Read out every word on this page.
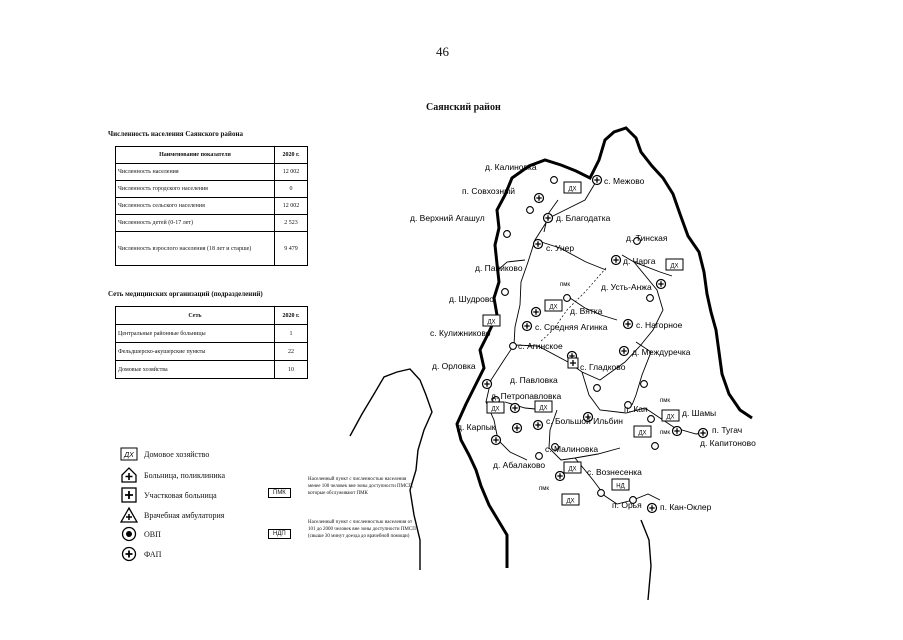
46
Саянский район
Численность населения Саянского района
Наименование показателя	2020 г.
Численность населения	12 002
Численность городского населения	0
Численность сельского населения	12 002
Численность детей (0-17 лет)	2 523
Численность взрослого населения (18 лет и старше)	9 479
Сеть медицинских организаций (подразделений)
Сеть	2020 г.
Центральные районные больницы	1
Фельдшерско-акушерские пункты	22
Домовые хозяйства	10
ДХ Домовое хозяйство
Больница, поликлиника
Участковая больница
Врачебная амбулатория
ОВП
ФАП
ПМК
Населенный пункт с численностью населения менее 100 человек вне зоны доступности ПМСП, которые обслуживают ПМК
НДП
Населенный пункт с численностью населения от 101 до 2000 человек вне зоны доступности ПМСП (свыше 30 минут доезда до врачебной помощи)
ДХ
ДХ
ДХ
ДХ
ДХ	ДХ
ДХ
ДХ
ДХ
ДХ
НД
д. Калиновка
п. Совхозный
с. Межово
д. Верхний Агашул	д. Благодатка
д. Тинская
с. Унер
д. Чарга
д. Папиково
пмк	д. Усть-Анжа
д. Шудрово
д. Вятка
с. Нагорное
с. Кулижниково
с. Средняя Агинка
с. Агинское
д. Междуречка
д. Орловка	с. Гладково
д. Павловка
д. Петропавловка	пмк
п. Кан	д. Шамы
д. Карпык
с. Большой Ильбин
пмк	п. Тугач
д. Капитоново
с. Малиновка
д. Абалаково
с. Вознесенка
пмк
п. Орья п. Кан-Оклер
